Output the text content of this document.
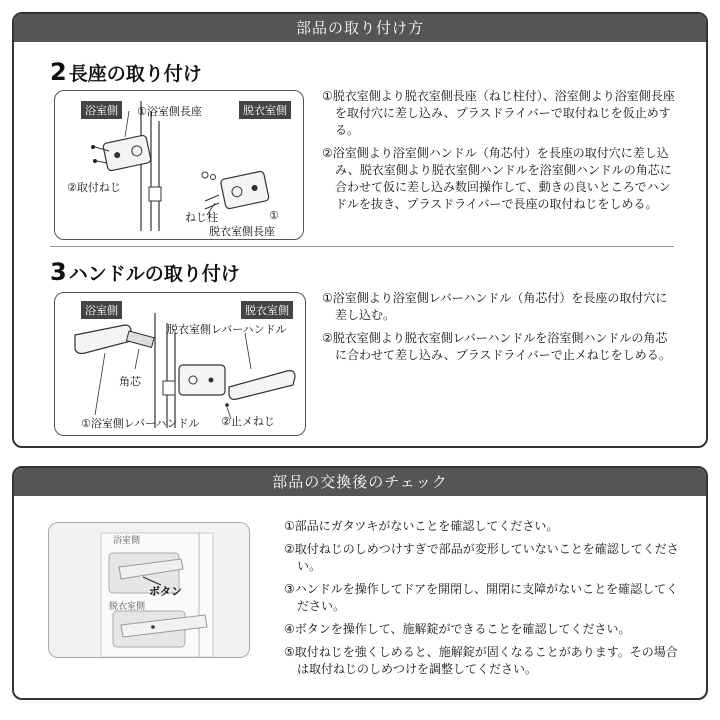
部品の取り付け方
2 長座の取り付け
浴室側	①浴室側長座	脱衣室側
②取付ねじ
ねじ柱	①
脱衣室側長座

①脱衣室側より脱衣室側長座（ねじ柱付）、浴室側より浴室側長座を取付穴に差し込み、プラスドライバーで取付ねじを仮止めする。

②浴室側より浴室側ハンドル（角芯付）を長座の取付穴に差し込み、脱衣室側より脱衣室側ハンドルを浴室側ハンドルの角芯に合わせて仮に差し込み数回操作して、動きの良いところでハンドルを抜き、プラスドライバーで長座の取付ねじをしめる。

3 ハンドルの取り付け
浴室側	脱衣室側
脱衣室側レバーハンドル
角芯
①浴室側レバーハンドル ②止メねじ

①浴室側より浴室側レバーハンドル（角芯付）を長座の取付穴に差し込む。

②脱衣室側より脱衣室側レバーハンドルを浴室側ハンドルの角芯に合わせて差し込み、プラスドライバーで止メねじをしめる。

部品の交換後のチェック
浴室側
ボタン
脱衣室側

①部品にガタツキがないことを確認してください。

②取付ねじのしめつけすぎで部品が変形していないことを確認してください。

③ハンドルを操作してドアを開閉し、開閉に支障がないことを確認してください。

④ボタンを操作して、施解錠ができることを確認してください。

⑤取付ねじを強くしめると、施解錠が固くなることがあります。その場合は取付ねじのしめつけを調整してください。
